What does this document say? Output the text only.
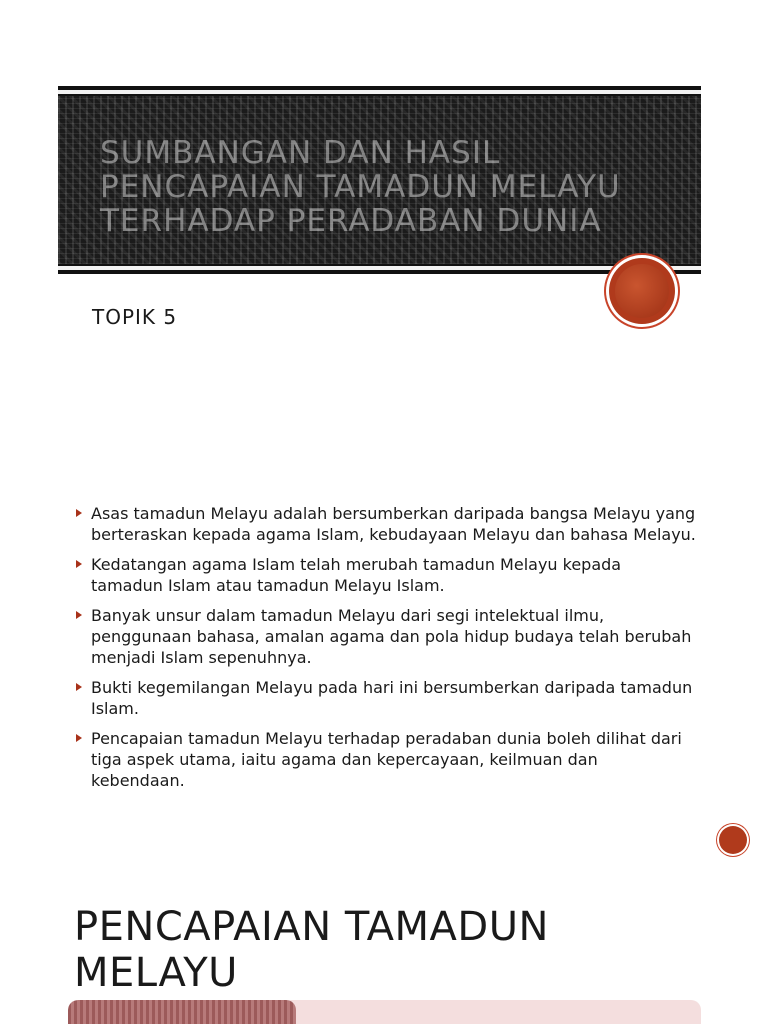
SUMBANGAN DAN HASIL PENCAPAIAN TAMADUN MELAYU TERHADAP PERADABAN DUNIA
TOPIK 5
Asas tamadun Melayu adalah bersumberkan daripada bangsa Melayu yang berteraskan kepada agama Islam, kebudayaan Melayu dan bahasa Melayu.
Kedatangan agama Islam telah merubah tamadun Melayu kepada tamadun Islam atau tamadun Melayu Islam.
Banyak unsur dalam tamadun Melayu dari segi intelektual ilmu, penggunaan bahasa, amalan agama dan pola hidup budaya telah berubah menjadi Islam sepenuhnya.
Bukti kegemilangan Melayu pada hari ini bersumberkan daripada tamadun Islam.
Pencapaian tamadun Melayu terhadap peradaban dunia boleh dilihat dari tiga aspek utama, iaitu agama dan kepercayaan, keilmuan dan kebendaan.
PENCAPAIAN TAMADUN MELAYU
